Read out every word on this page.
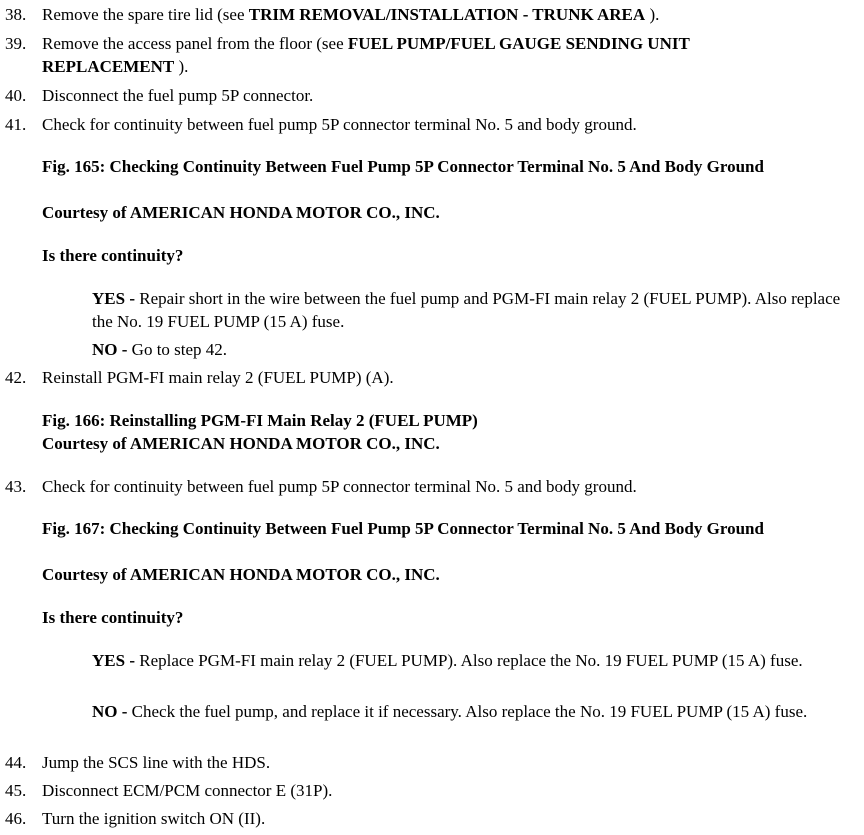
38. Remove the spare tire lid (see TRIM REMOVAL/INSTALLATION - TRUNK AREA ).
39. Remove the access panel from the floor (see FUEL PUMP/FUEL GAUGE SENDING UNIT REPLACEMENT ).
40. Disconnect the fuel pump 5P connector.
41. Check for continuity between fuel pump 5P connector terminal No. 5 and body ground.
Fig. 165: Checking Continuity Between Fuel Pump 5P Connector Terminal No. 5 And Body Ground
Courtesy of AMERICAN HONDA MOTOR CO., INC.
Is there continuity?
YES - Repair short in the wire between the fuel pump and PGM-FI main relay 2 (FUEL PUMP). Also replace the No. 19 FUEL PUMP (15 A) fuse.
NO - Go to step 42.
42. Reinstall PGM-FI main relay 2 (FUEL PUMP) (A).
Fig. 166: Reinstalling PGM-FI Main Relay 2 (FUEL PUMP)
Courtesy of AMERICAN HONDA MOTOR CO., INC.
43. Check for continuity between fuel pump 5P connector terminal No. 5 and body ground.
Fig. 167: Checking Continuity Between Fuel Pump 5P Connector Terminal No. 5 And Body Ground
Courtesy of AMERICAN HONDA MOTOR CO., INC.
Is there continuity?
YES - Replace PGM-FI main relay 2 (FUEL PUMP). Also replace the No. 19 FUEL PUMP (15 A) fuse.
NO - Check the fuel pump, and replace it if necessary. Also replace the No. 19 FUEL PUMP (15 A) fuse.
44. Jump the SCS line with the HDS.
45. Disconnect ECM/PCM connector E (31P).
46. Turn the ignition switch ON (II).
